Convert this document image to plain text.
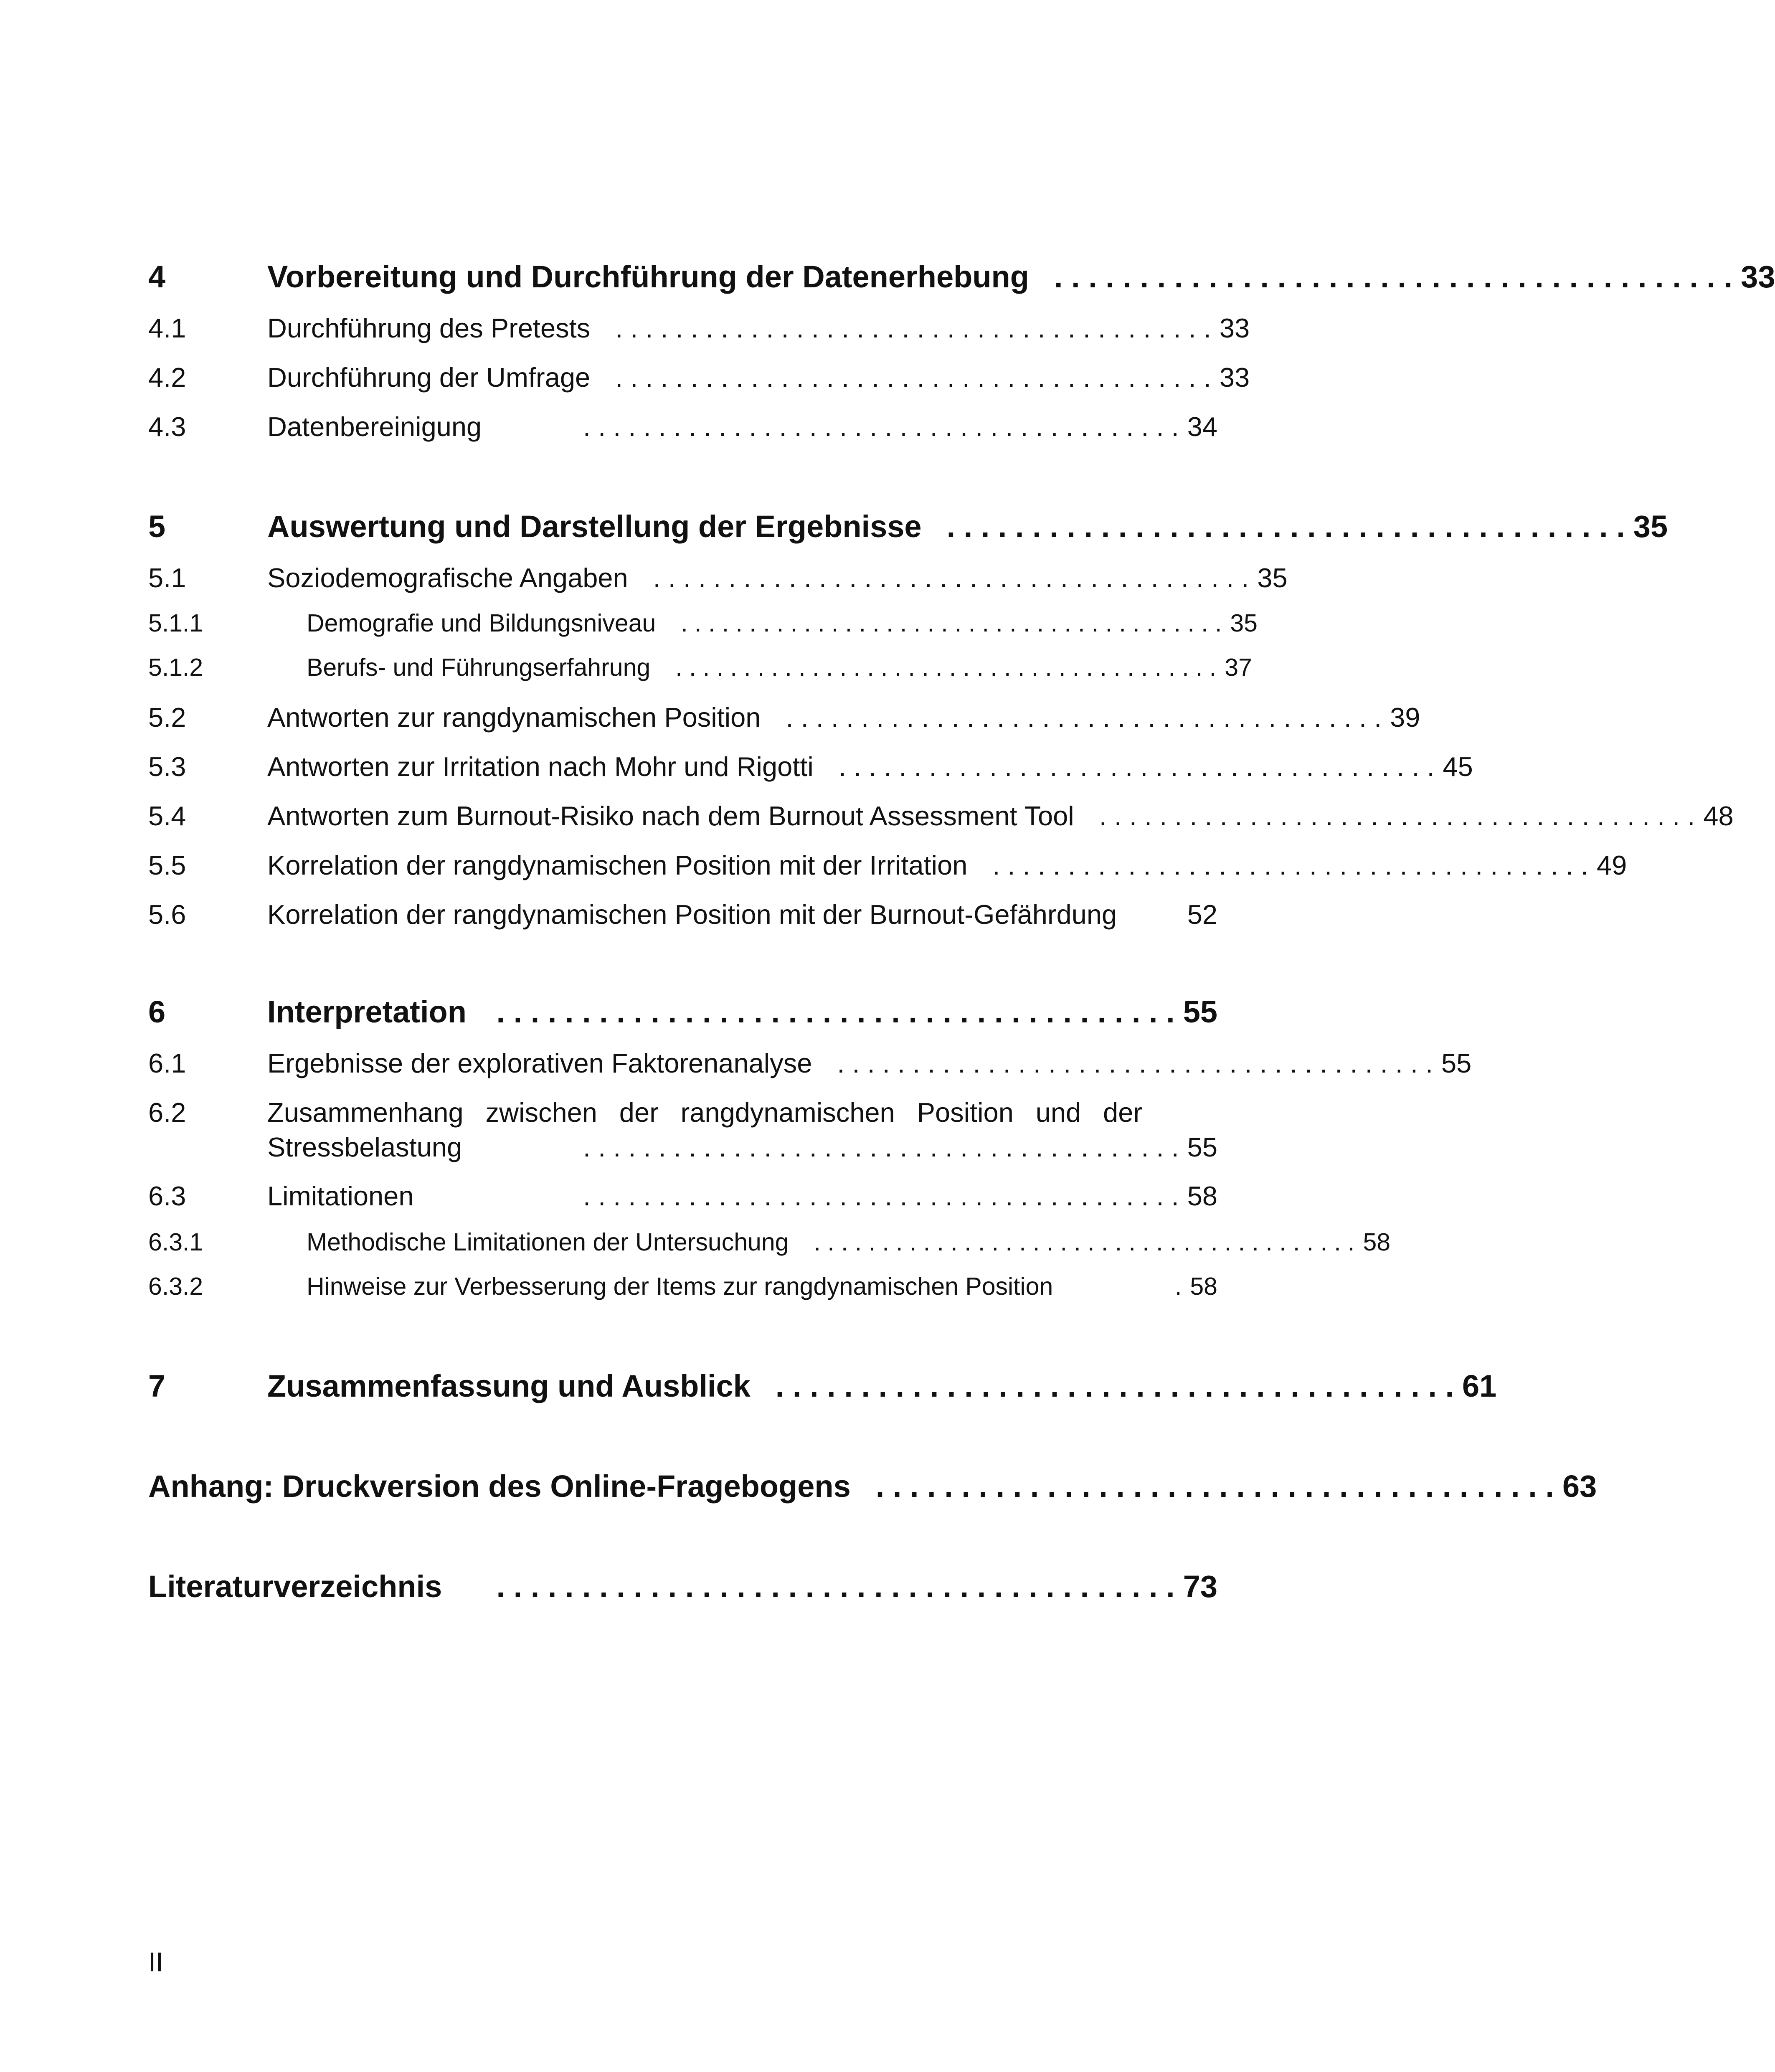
4	Vorbereitung und Durchführung der Datenerhebung . . . . . . . . . . . . . . . . . . . . . . . . . . . . . . . . . . . . . . . . 33
4.1	Durchführung des Pretests . . . . . . . . . . . . . . . . . . . . . . . . . . . . . . . . . . . . . . . . 33
4.2	Durchführung der Umfrage . . . . . . . . . . . . . . . . . . . . . . . . . . . . . . . . . . . . . . . . 33
4.3	Datenbereinigung	. . . . . . . . . . . . . . . . . . . . . . . . . . . . . . . . . . . . . . . . 34
5	Auswertung und Darstellung der Ergebnisse . . . . . . . . . . . . . . . . . . . . . . . . . . . . . . . . . . . . . . . . 35
5.1	Soziodemografische Angaben . . . . . . . . . . . . . . . . . . . . . . . . . . . . . . . . . . . . . . . . 35
5.1.1	Demografie und Bildungsniveau . . . . . . . . . . . . . . . . . . . . . . . . . . . . . . . . . . . . . . . . 35
5.1.2	Berufs- und Führungserfahrung . . . . . . . . . . . . . . . . . . . . . . . . . . . . . . . . . . . . . . . . 37
5.2	Antworten zur rangdynamischen Position . . . . . . . . . . . . . . . . . . . . . . . . . . . . . . . . . . . . . . . . 39
5.3	Antworten zur Irritation nach Mohr und Rigotti . . . . . . . . . . . . . . . . . . . . . . . . . . . . . . . . . . . . . . . . 45
5.4	Antworten zum Burnout-Risiko nach dem Burnout Assessment Tool . . . . . . . . . . . . . . . . . . . . . . . . . . . . . . . . . . . . . . . . 48
5.5	Korrelation der rangdynamischen Position mit der Irritation . . . . . . . . . . . . . . . . . . . . . . . . . . . . . . . . . . . . . . . . 49
5.6	Korrelation der rangdynamischen Position mit der Burnout-Gefährdung	52
6	Interpretation . . . . . . . . . . . . . . . . . . . . . . . . . . . . . . . . . . . . . . . . 55
6.1	Ergebnisse der explorativen Faktorenanalyse . . . . . . . . . . . . . . . . . . . . . . . . . . . . . . . . . . . . . . . . 55
6.2	Zusammenhang zwischen der rangdynamischen Position und der
Stressbelastung	. . . . . . . . . . . . . . . . . . . . . . . . . . . . . . . . . . . . . . . . 55
6.3	Limitationen	. . . . . . . . . . . . . . . . . . . . . . . . . . . . . . . . . . . . . . . . 58
6.3.1	Methodische Limitationen der Untersuchung . . . . . . . . . . . . . . . . . . . . . . . . . . . . . . . . . . . . . . . . 58
6.3.2	Hinweise zur Verbesserung der Items zur rangdynamischen Position	. 58
7	Zusammenfassung und Ausblick . . . . . . . . . . . . . . . . . . . . . . . . . . . . . . . . . . . . . . . . 61
Anhang: Druckversion des Online-Fragebogens . . . . . . . . . . . . . . . . . . . . . . . . . . . . . . . . . . . . . . . . 63
Literaturverzeichnis	. . . . . . . . . . . . . . . . . . . . . . . . . . . . . . . . . . . . . . . . 73
II
